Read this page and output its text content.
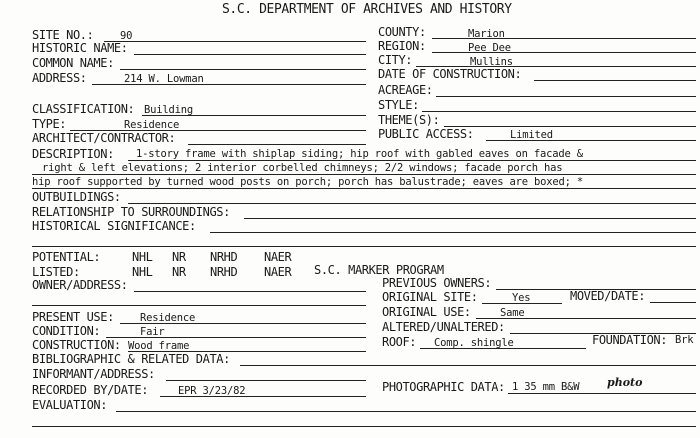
S.C. DEPARTMENT OF ARCHIVES AND HISTORY
SITE NO.:	90	COUNTY:	Marion
HISTORIC NAME:	REGION:	Pee Dee
COMMON NAME:	CITY:	Mullins
ADDRESS:	214 W. Lowman	DATE OF CONSTRUCTION:
ACREAGE:
CLASSIFICATION: Building	STYLE:
TYPE:	Residence	THEME(S):
ARCHITECT/CONTRACTOR:	PUBLIC ACCESS:	Limited
DESCRIPTION: 1-story frame with shiplap siding; hip roof with gabled eaves on facade &
right & left elevations; 2 interior corbelled chimneys; 2/2 windows; facade porch has
hip roof supported by turned wood posts on porch; porch has balustrade; eaves are boxed; *
OUTBUILDINGS:
RELATIONSHIP TO SURROUNDINGS:
HISTORICAL SIGNIFICANCE:
POTENTIAL:	NHL NR NRHD NAER
LISTED:	NHL NR NRHD NAER S.C. MARKER PROGRAM
OWNER/ADDRESS:	PREVIOUS OWNERS:
ORIGINAL SITE:	Yes	MOVED/DATE:
PRESENT USE: Residence	ORIGINAL USE:	Same
CONDITION:	Fair	ALTERED/UNALTERED:
CONSTRUCTION: Wood frame	ROOF: Comp. shingle	FOUNDATION: Brk
BIBLIOGRAPHIC & RELATED DATA:
INFORMANT/ADDRESS:
RECORDED BY/DATE:	EPR 3/23/82	PHOTOGRAPHIC DATA: 1 35 mm B&W	photo
EVALUATION:
